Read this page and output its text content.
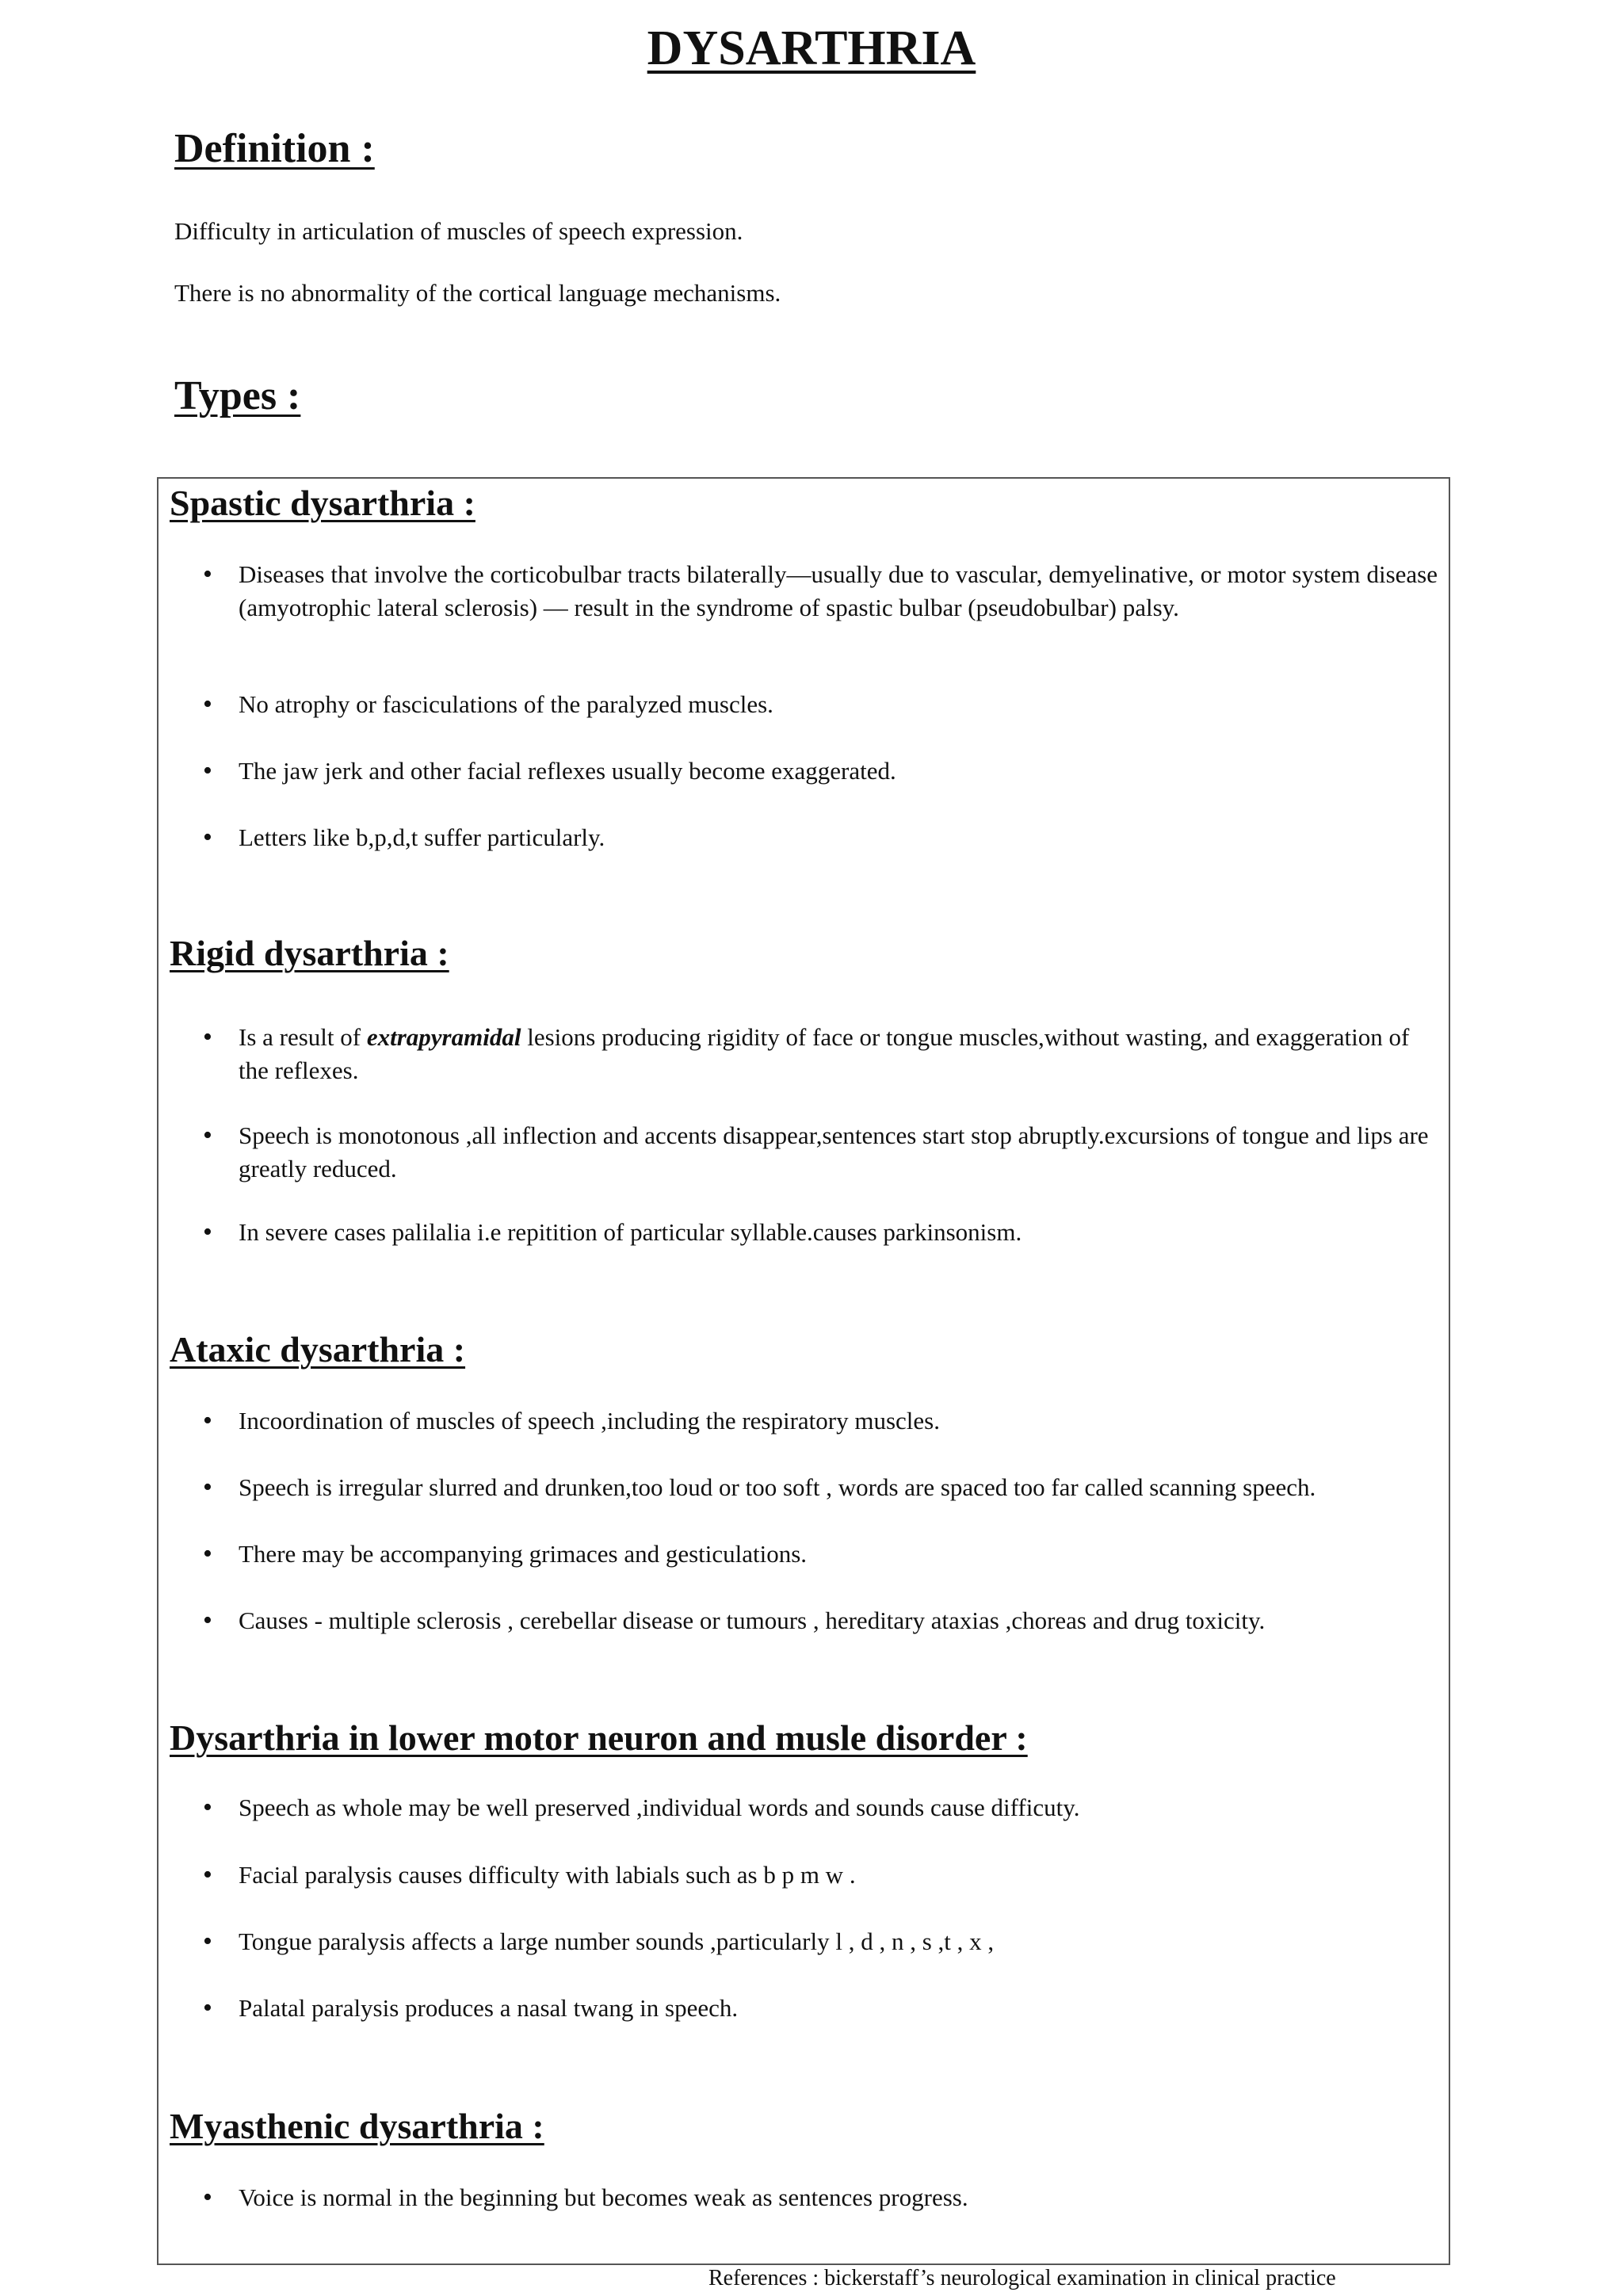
DYSARTHRIA
Definition :

Difficulty in articulation of muscles of speech expression.

There is no abnormality of the cortical language mechanisms.

Types :
Spastic dysarthria :
• Diseases that involve the corticobulbar tracts bilaterally—usually due to vascular, demyelinative, or motor system disease (amyotrophic lateral sclerosis) — result in the syndrome of spastic bulbar (pseudobulbar) palsy.
• No atrophy or fasciculations of the paralyzed muscles.
• The jaw jerk and other facial reflexes usually become exaggerated.
• Letters like b,p,d,t suffer particularly.
Rigid dysarthria :
• Is a result of extrapyramidal lesions producing rigidity of face or tongue muscles,without wasting, and exaggeration of the reflexes.
• Speech is monotonous ,all inflection and accents disappear,sentences start stop abruptly.excursions of tongue and lips are greatly reduced.
• In severe cases palilalia i.e repitition of particular syllable.causes parkinsonism.
Ataxic dysarthria :
• Incoordination of muscles of speech ,including the respiratory muscles.
• Speech is irregular slurred and drunken,too loud or too soft , words are spaced too far called scanning speech.
• There may be accompanying grimaces and gesticulations.
• Causes - multiple sclerosis , cerebellar disease or tumours , hereditary ataxias ,choreas and drug toxicity.
Dysarthria in lower motor neuron and musle disorder :
• Speech as whole may be well preserved ,individual words and sounds cause difficuty.
• Facial paralysis causes difficulty with labials such as b p m w .
• Tongue paralysis affects a large number sounds ,particularly l , d , n , s ,t , x ,
• Palatal paralysis produces a nasal twang in speech.
Myasthenic dysarthria :
• Voice is normal in the beginning but becomes weak as sentences progress.

References : bickerstaff’s neurological examination in clinical practice
